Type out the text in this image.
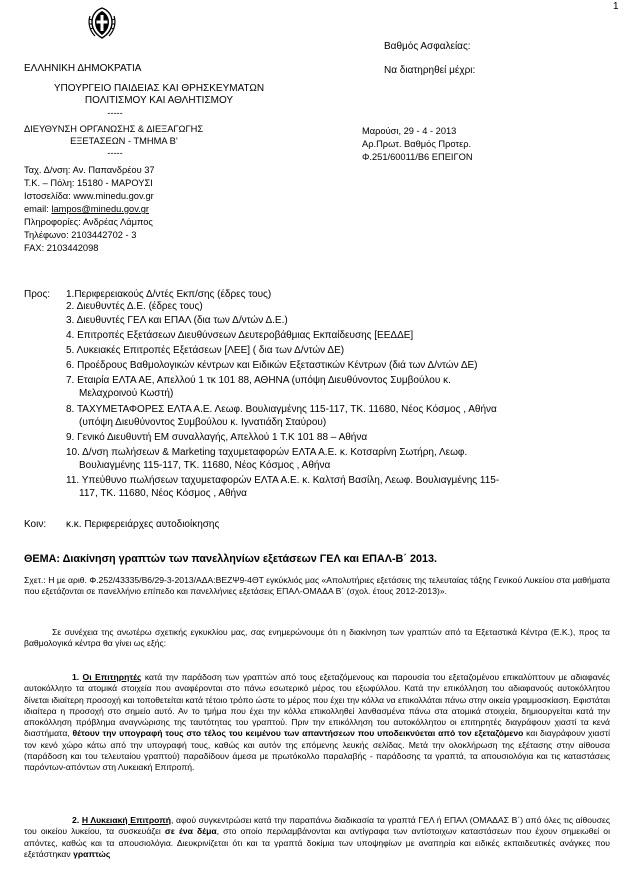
1
Βαθμός Ασφαλείας:
Να διατηρηθεί μέχρι:
ΕΛΛΗΝΙΚΗ ΔΗΜΟΚΡΑΤΙΑ
ΥΠΟΥΡΓΕΙΟ ΠΑΙΔΕΙΑΣ ΚΑΙ ΘΡΗΣΚΕΥΜΑΤΩΝ
ΠΟΛΙΤΙΣΜΟΥ ΚΑΙ ΑΘΛΗΤΙΣΜΟΥ
-----
ΔΙΕΥΘΥΝΣΗ ΟΡΓΑΝΩΣΗΣ & ΔΙΕΞΑΓΩΓΗΣ
ΕΞΕΤΑΣΕΩΝ - ΤΜΗΜΑ Β’
-----
Μαρούσι, 29 - 4 - 2013
Αρ.Πρωτ. Βαθμός Προτερ.
Φ.251/60011/Β6 ΕΠΕΙΓΟΝ
Ταχ. Δ/νση: Αν. Παπανδρέου 37
Τ.Κ. – Πόλη: 15180 - ΜΑΡΟΥΣΙ
Ιστοσελίδα: www.minedu.gov.gr
email: lampos@minedu.gov.gr
Πληροφορίες: Ανδρέας Λάμπος
Τηλέφωνο: 2103442702 - 3
FAX: 2103442098
Προς: 1.Περιφερειακούς Δ/ντές Εκπ/σης (έδρες τους)
2. Διευθυντές Δ.Ε. (έδρες τους)
3. Διευθυντές ΓΕΛ και ΕΠΑΛ (δια των Δ/ντών Δ.Ε.)
4. Επιτροπές Εξετάσεων Διευθύνσεων Δευτεροβάθμιας Εκπαίδευσης [ΕΕΔΔΕ]
5. Λυκειακές Επιτροπές Εξετάσεων [ΛΕΕ] ( δια των Δ/ντών ΔΕ)
6. Προέδρους Βαθμολογικών κέντρων και Ειδικών Εξεταστικών Κέντρων (διά των Δ/ντών ΔΕ)
7. Εταιρία ΕΛΤΑ ΑΕ, Απελλού 1 τκ 101 88, ΑΘΗΝΑ (υπόψη Διευθύνοντος Συμβούλου κ.
Μελαχροινού Κωστή)
8. ΤΑΧΥΜΕΤΑΦΟΡΕΣ ΕΛΤΑ Α.Ε. Λεωφ. Βουλιαγμένης 115-117, ΤΚ. 11680, Νέος Κόσμος , Αθήνα
(υπόψη Διευθύνοντος Συμβούλου κ. Ιγνατιάδη Σταύρου)
9. Γενικό Διευθυντή ΕΜ συναλλαγής, Απελλού 1 Τ.Κ 101 88 – Αθήνα
10. Δ/νση πωλήσεων & Marketing ταχυμεταφορών ΕΛΤΑ Α.Ε. κ. Κοτσαρίνη Σωτήρη, Λεωφ.
Βουλιαγμένης 115-117, ΤΚ. 11680, Νέος Κόσμος , Αθήνα
11. Υπεύθυνο πωλήσεων ταχυμεταφορών ΕΛΤΑ Α.Ε. κ. Καλτσή Βασίλη, Λεωφ. Βουλιαγμένης 115-
117, ΤΚ. 11680, Νέος Κόσμος , Αθήνα
Κοιν: κ.κ. Περιφερειάρχες αυτοδιοίκησης
ΘΕΜΑ: Διακίνηση γραπτών των πανελληνίων εξετάσεων ΓΕΛ και ΕΠΑΛ-Β΄ 2013.
Σχετ.: Η με αριθ. Φ.252/43335/Β6/29-3-2013/ΑΔΑ:ΒΕΖΨ9-4ΘΤ εγκύκλιός μας «Απολυτήριες εξετάσεις της τελευταίας τάξης Γενικού Λυκείου στα μαθήματα που εξετάζονται σε πανελλήνιο επίπεδο και πανελλήνιες εξετάσεις ΕΠΑΛ-ΟΜΑΔΑ Β΄ (σχολ. έτους 2012-2013)».
Σε συνέχεια της ανωτέρω σχετικής εγκυκλίου μας, σας ενημερώνουμε ότι η διακίνηση των γραπτών από τα Εξεταστικά Κέντρα (Ε.Κ.), προς τα βαθμολογικά κέντρα θα γίνει ως εξής:
1. Οι Επιτηρητές κατά την παράδοση των γραπτών από τους εξεταζόμενους και παρουσία του εξεταζομένου επικαλύπτουν με αδιαφανές αυτοκόλλητο τα ατομικά στοιχεία που αναφέρονται στο πάνω εσωτερικό μέρος του εξωφύλλου. Κατά την επικόλληση του αδιαφανούς αυτοκόλλητου δίνεται ιδιαίτερη προσοχή και τοποθετείται κατά τέτοιο τρόπο ώστε το μέρος που έχει την κόλλα να επικολλάται πάνω στην οικεία γραμμοσκίαση. Εφιστάται ιδιαίτερα η προσοχή στο σημείο αυτό. Αν το τμήμα που έχει την κόλλα επικολληθεί λανθασμένα πάνω στα ατομικά στοιχεία, δημιουργείται κατά την αποκόλληση πρόβλημα αναγνώρισης της ταυτότητας του γραπτού. Πριν την επικόλληση του αυτοκόλλητου οι επιτηρητές διαγράφουν χιαστί τα κενά διαστήματα, θέτουν την υπογραφή τους στο τέλος του κειμένου των απαντήσεων που υποδεικνύεται από τον εξεταζόμενο και διαγράφουν χιαστί τον κενό χώρο κάτω από την υπογραφή τους, καθώς και αυτόν της επόμενης λευκής σελίδας. Μετά την ολοκλήρωση της εξέτασης στην αίθουσα (παράδοση και του τελευταίου γραπτού) παραδίδουν άμεσα με πρωτόκολλο παραλαβής - παράδοσης τα γραπτά, τα απουσιολόγια και τις καταστάσεις παρόντων-απόντων στη Λυκειακή Επιτροπή.
2. Η Λυκειακή Επιτροπή, αφού συγκεντρώσει κατά την παραπάνω διαδικασία τα γραπτά ΓΕΛ ή ΕΠΑΛ (ΟΜΑΔΑΣ Β΄) από όλες τις αίθουσες του οικείου λυκείου, τα συσκευάζει σε ένα δέμα, στο οποίο περιλαμβάνονται και αντίγραφα των αντίστοιχων καταστάσεων που έχουν σημειωθεί οι απόντες, καθώς και τα απουσιολόγια. Διευκρινίζεται ότι και τα γραπτά δοκίμια των υποψηφίων με αναπηρία και ειδικές εκπαιδευτικές ανάγκες που εξετάστηκαν γραπτώς
